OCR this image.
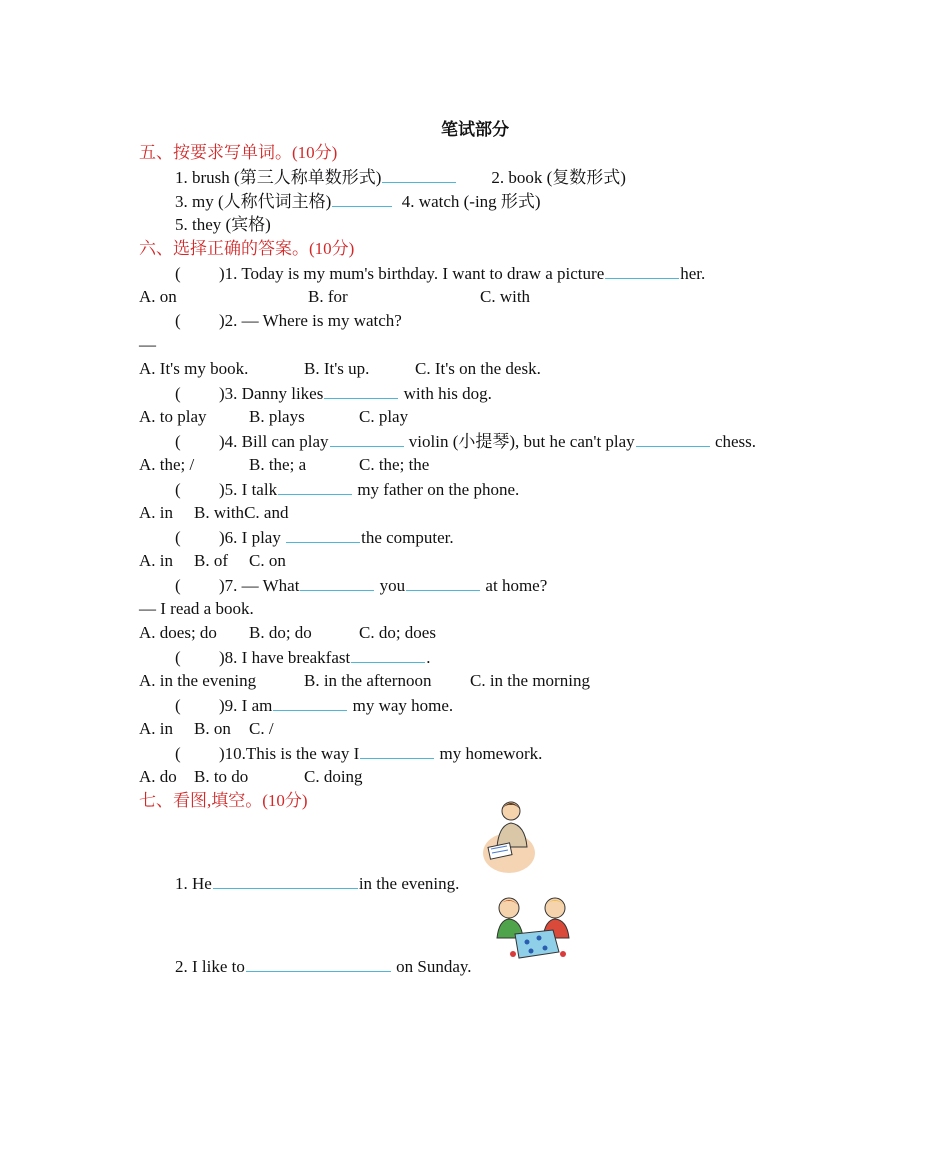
笔试部分
五、按要求写单词。(10分)
1. brush (第三人称单数形式)	2. book (复数形式)
3. my (人称代词主格)	4. watch (-ing 形式)
5. they (宾格)
六、选择正确的答案。(10分)
( )1. Today is my mum's birthday. I want to draw a picture	her.
A. on	B. for	C. with
( )2. — Where is my watch?
—
A. It's my book.	B. It's up.	C. It's on the desk.
( )3. Danny likes	with his dog.
A. to play B. plays	C. play
( )4. Bill can play	violin (小提琴), but he can't play	chess.
A. the; /	B. the; a	C. the; the
( )5. I talk	my father on the phone.
A. in B. withC. and
( )6. I play	the computer.
A. in B. of C. on
( )7. — What	you	at home?
— I read a book.
A. does; do B. do; do	C. do; does
( )8. I have breakfast	.
A. in the evening	B. in the afternoon C. in the morning
( )9. I am	my way home.
A. in B. on C. /
( )10.This is the way I	my homework.
A. do B. to do	C. doing
七、看图,填空。(10分)
1. He	in the evening.
2. I like to	on Sunday.
